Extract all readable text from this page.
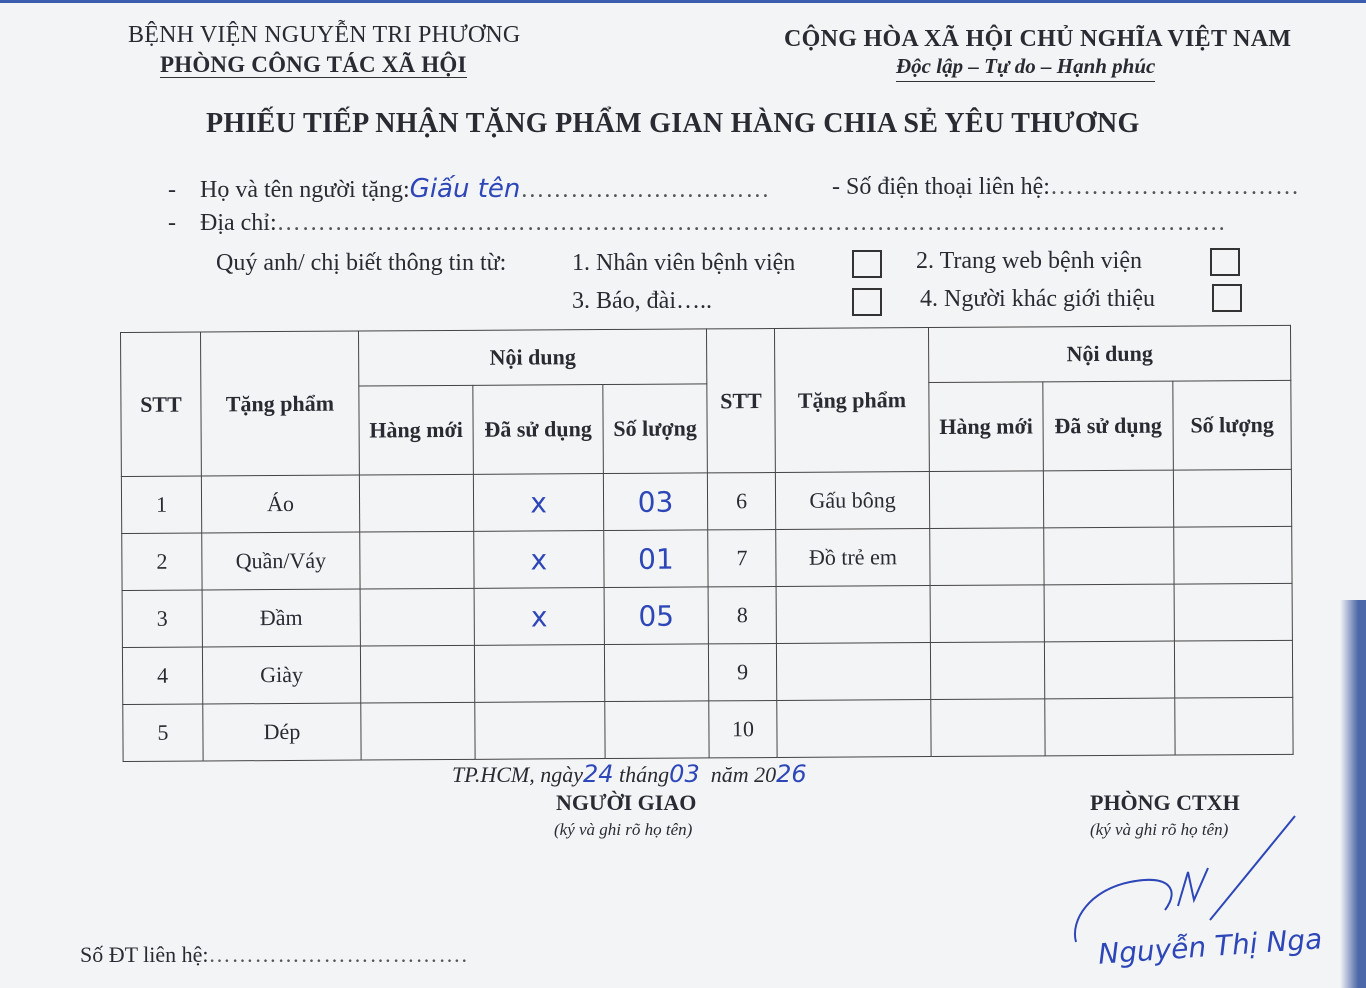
BỆNH VIỆN NGUYỄN TRI PHƯƠNG
PHÒNG CÔNG TÁC XÃ HỘI
CỘNG HÒA XÃ HỘI CHỦ NGHĨA VIỆT NAM
Độc lập – Tự do – Hạnh phúc
PHIẾU TIẾP NHẬN TẶNG PHẨM GIAN HÀNG CHIA SẺ YÊU THƯƠNG
-    Họ và tên người tặng:Giấu tên…………………………	- Số điện thoại liên hệ:…………………………
-    Địa chỉ:……………………………………………………………………………………………………
Quý anh/ chị biết thông tin từ:	1. Nhân viên bệnh viện	2. Trang web bệnh viện
3. Báo, đài…..	4. Người khác giới thiệu
STT	Tặng phẩm	Nội dung			STT	Tặng phẩm	Nội dung		
		Hàng mới	Đã sử dụng	Số lượng			Hàng mới	Đã sử dụng	Số lượng
1	Áo		x	03	6	Gấu bông			
2	Quần/Váy		x	01	7	Đồ trẻ em			
3	Đầm		x	05	8				
4	Giày				9				
5	Dép				10				
TP.HCM, ngày24 tháng03 năm 2026
NGƯỜI GIAO
(ký và ghi rõ họ tên)
PHÒNG CTXH
(ký và ghi rõ họ tên)
Nguyễn Thị Nga
Số ĐT liên hệ:…………………………….
